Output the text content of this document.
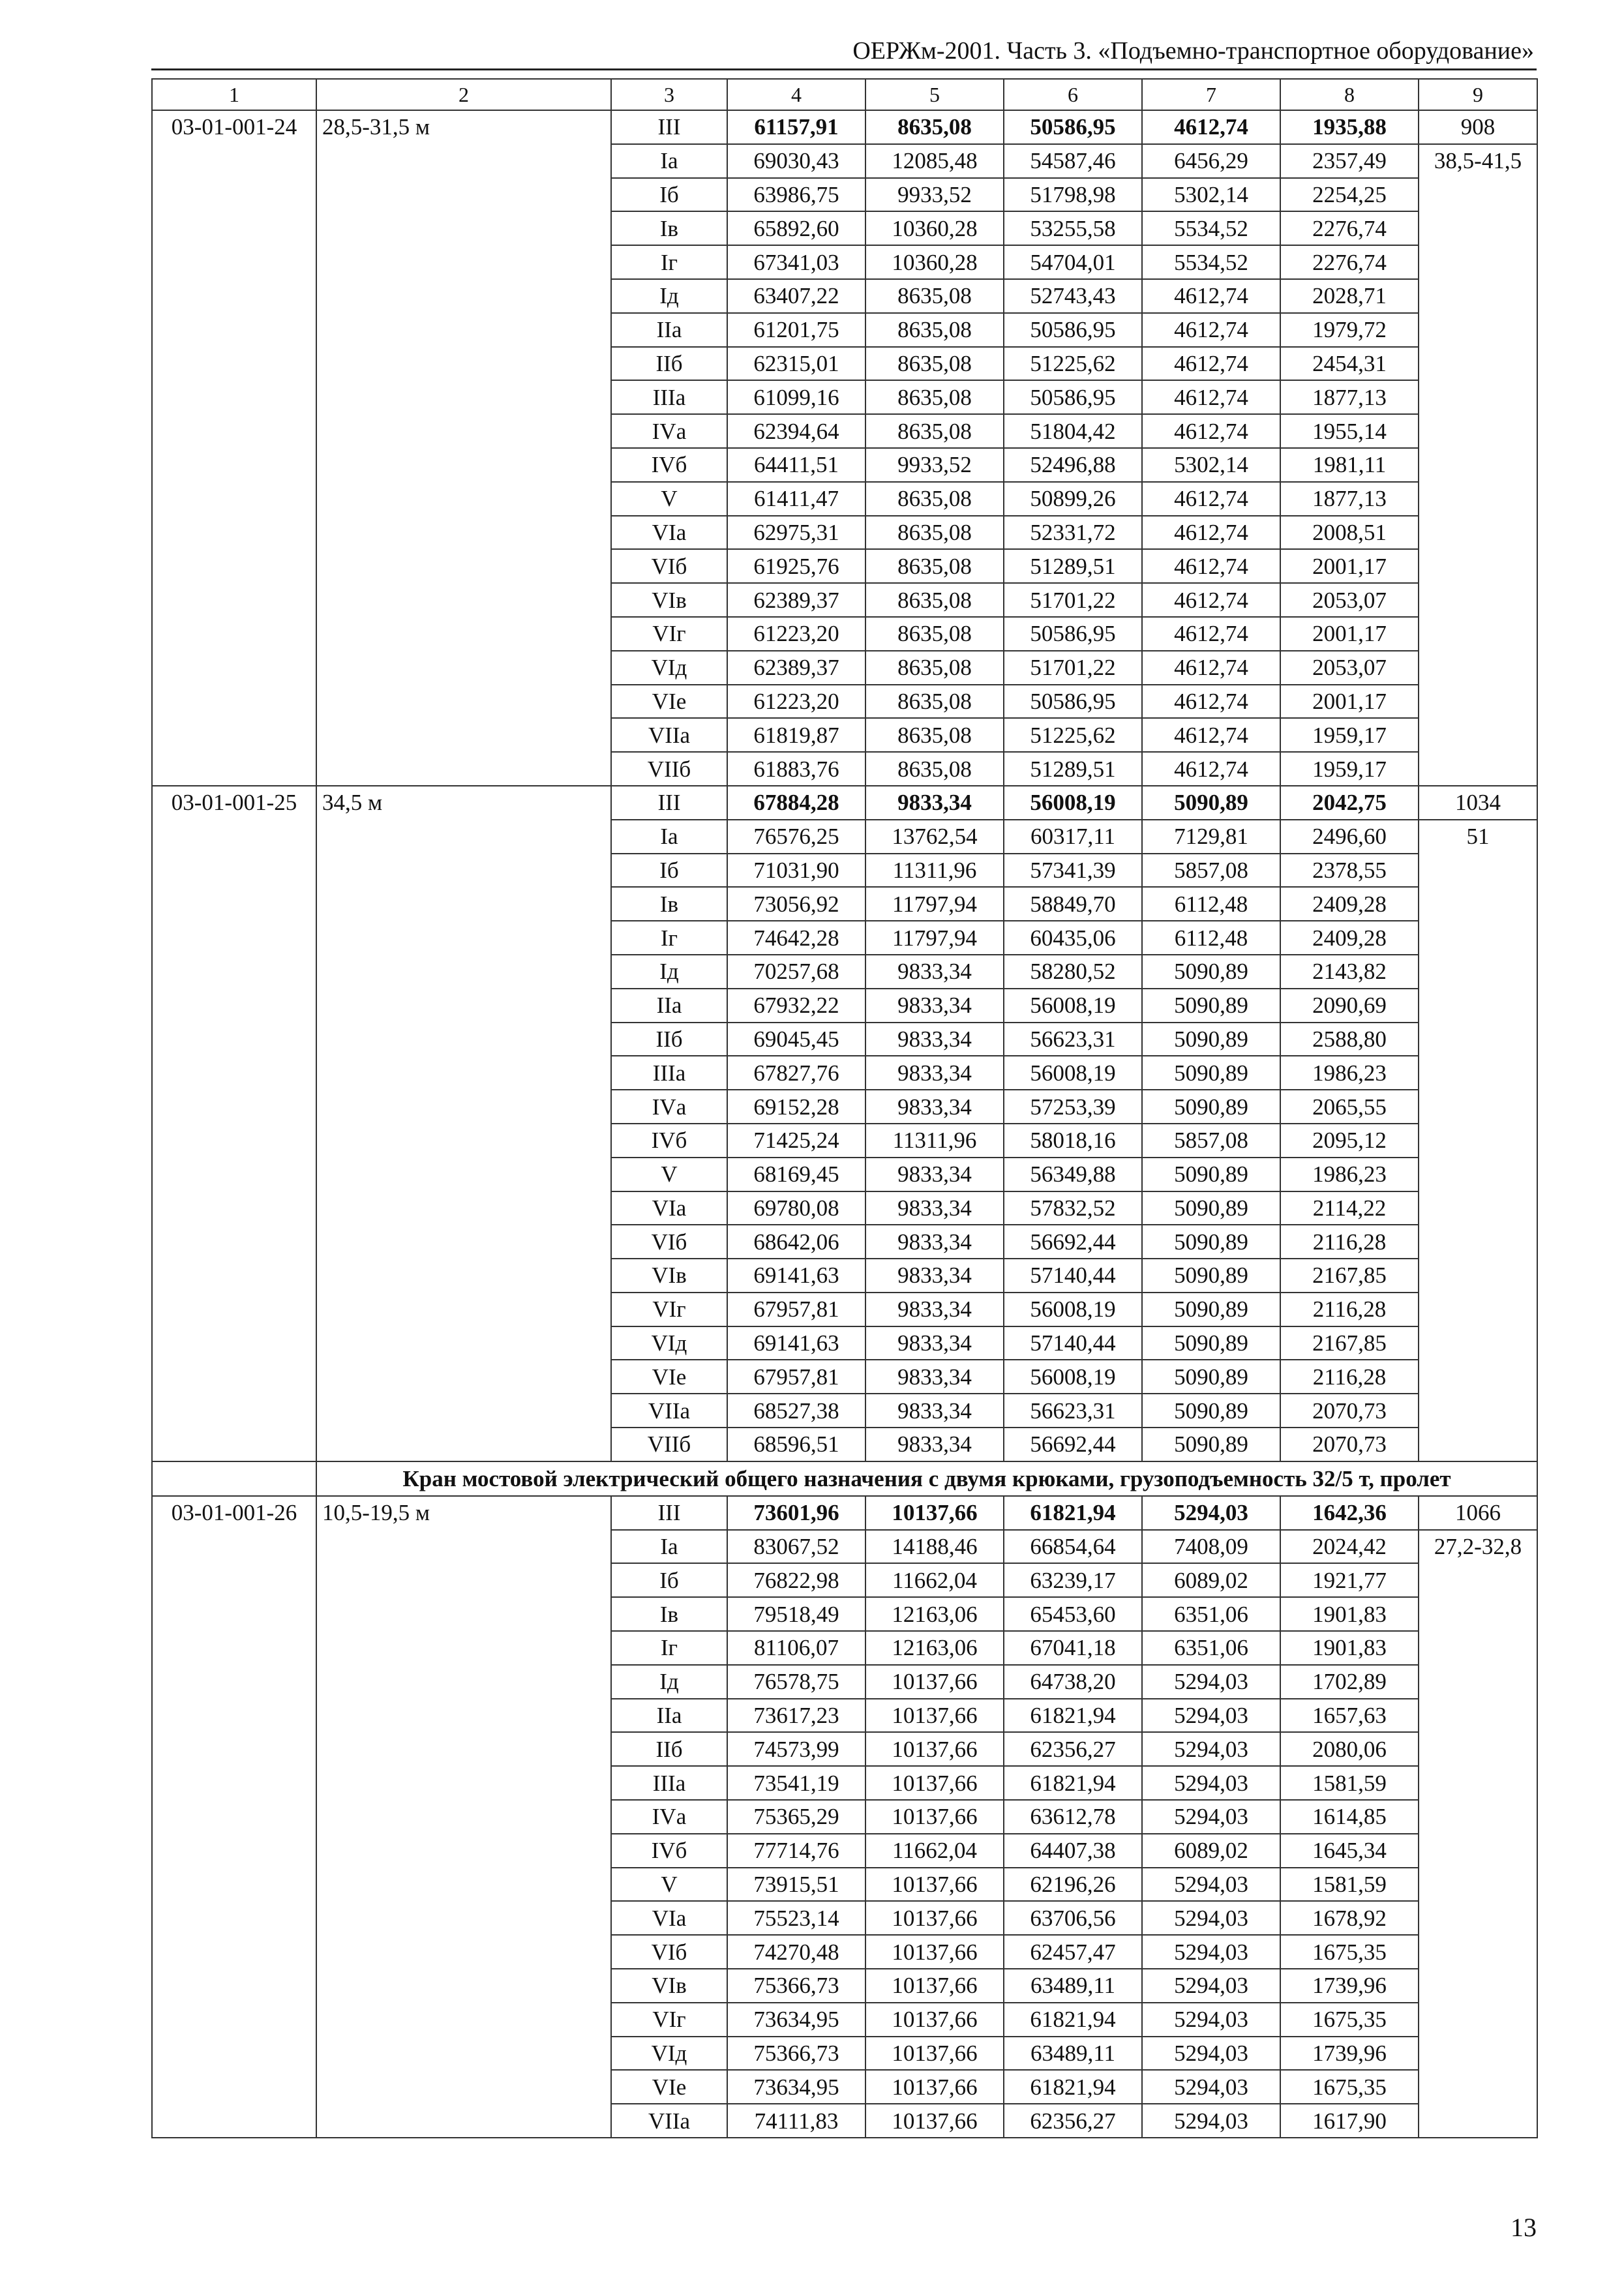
ОЕРЖм-2001. Часть 3. «Подъемно-транспортное оборудование»
1	2	3	4	5	6	7	8	9
03-01-001-24	28,5-31,5 м	III	61157,91	8635,08	50586,95	4612,74	1935,88	908
		Iа	69030,43	12085,48	54587,46	6456,29	2357,49	38,5-41,5
		Iб	63986,75	9933,52	51798,98	5302,14	2254,25	
		Iв	65892,60	10360,28	53255,58	5534,52	2276,74	
		Iг	67341,03	10360,28	54704,01	5534,52	2276,74	
		Iд	63407,22	8635,08	52743,43	4612,74	2028,71	
		IIа	61201,75	8635,08	50586,95	4612,74	1979,72	
		IIб	62315,01	8635,08	51225,62	4612,74	2454,31	
		IIIа	61099,16	8635,08	50586,95	4612,74	1877,13	
		IVа	62394,64	8635,08	51804,42	4612,74	1955,14	
		IVб	64411,51	9933,52	52496,88	5302,14	1981,11	
		V	61411,47	8635,08	50899,26	4612,74	1877,13	
		VIа	62975,31	8635,08	52331,72	4612,74	2008,51	
		VIб	61925,76	8635,08	51289,51	4612,74	2001,17	
		VIв	62389,37	8635,08	51701,22	4612,74	2053,07	
		VIг	61223,20	8635,08	50586,95	4612,74	2001,17	
		VIд	62389,37	8635,08	51701,22	4612,74	2053,07	
		VIе	61223,20	8635,08	50586,95	4612,74	2001,17	
		VIIа	61819,87	8635,08	51225,62	4612,74	1959,17	
		VIIб	61883,76	8635,08	51289,51	4612,74	1959,17	
03-01-001-25	34,5 м	III	67884,28	9833,34	56008,19	5090,89	2042,75	1034
		Iа	76576,25	13762,54	60317,11	7129,81	2496,60	51
		Iб	71031,90	11311,96	57341,39	5857,08	2378,55	
		Iв	73056,92	11797,94	58849,70	6112,48	2409,28	
		Iг	74642,28	11797,94	60435,06	6112,48	2409,28	
		Iд	70257,68	9833,34	58280,52	5090,89	2143,82	
		IIа	67932,22	9833,34	56008,19	5090,89	2090,69	
		IIб	69045,45	9833,34	56623,31	5090,89	2588,80	
		IIIа	67827,76	9833,34	56008,19	5090,89	1986,23	
		IVа	69152,28	9833,34	57253,39	5090,89	2065,55	
		IVб	71425,24	11311,96	58018,16	5857,08	2095,12	
		V	68169,45	9833,34	56349,88	5090,89	1986,23	
		VIа	69780,08	9833,34	57832,52	5090,89	2114,22	
		VIб	68642,06	9833,34	56692,44	5090,89	2116,28	
		VIв	69141,63	9833,34	57140,44	5090,89	2167,85	
		VIг	67957,81	9833,34	56008,19	5090,89	2116,28	
		VIд	69141,63	9833,34	57140,44	5090,89	2167,85	
		VIе	67957,81	9833,34	56008,19	5090,89	2116,28	
		VIIа	68527,38	9833,34	56623,31	5090,89	2070,73	
		VIIб	68596,51	9833,34	56692,44	5090,89	2070,73	
	Кран мостовой электрический общего назначения с двумя крюками, грузоподъемность 32/5 т, пролет							
03-01-001-26	10,5-19,5 м	III	73601,96	10137,66	61821,94	5294,03	1642,36	1066
		Iа	83067,52	14188,46	66854,64	7408,09	2024,42	27,2-32,8
		Iб	76822,98	11662,04	63239,17	6089,02	1921,77	
		Iв	79518,49	12163,06	65453,60	6351,06	1901,83	
		Iг	81106,07	12163,06	67041,18	6351,06	1901,83	
		Iд	76578,75	10137,66	64738,20	5294,03	1702,89	
		IIа	73617,23	10137,66	61821,94	5294,03	1657,63	
		IIб	74573,99	10137,66	62356,27	5294,03	2080,06	
		IIIа	73541,19	10137,66	61821,94	5294,03	1581,59	
		IVа	75365,29	10137,66	63612,78	5294,03	1614,85	
		IVб	77714,76	11662,04	64407,38	6089,02	1645,34	
		V	73915,51	10137,66	62196,26	5294,03	1581,59	
		VIа	75523,14	10137,66	63706,56	5294,03	1678,92	
		VIб	74270,48	10137,66	62457,47	5294,03	1675,35	
		VIв	75366,73	10137,66	63489,11	5294,03	1739,96	
		VIг	73634,95	10137,66	61821,94	5294,03	1675,35	
		VIд	75366,73	10137,66	63489,11	5294,03	1739,96	
		VIе	73634,95	10137,66	61821,94	5294,03	1675,35	
		VIIа	74111,83	10137,66	62356,27	5294,03	1617,90	
13
